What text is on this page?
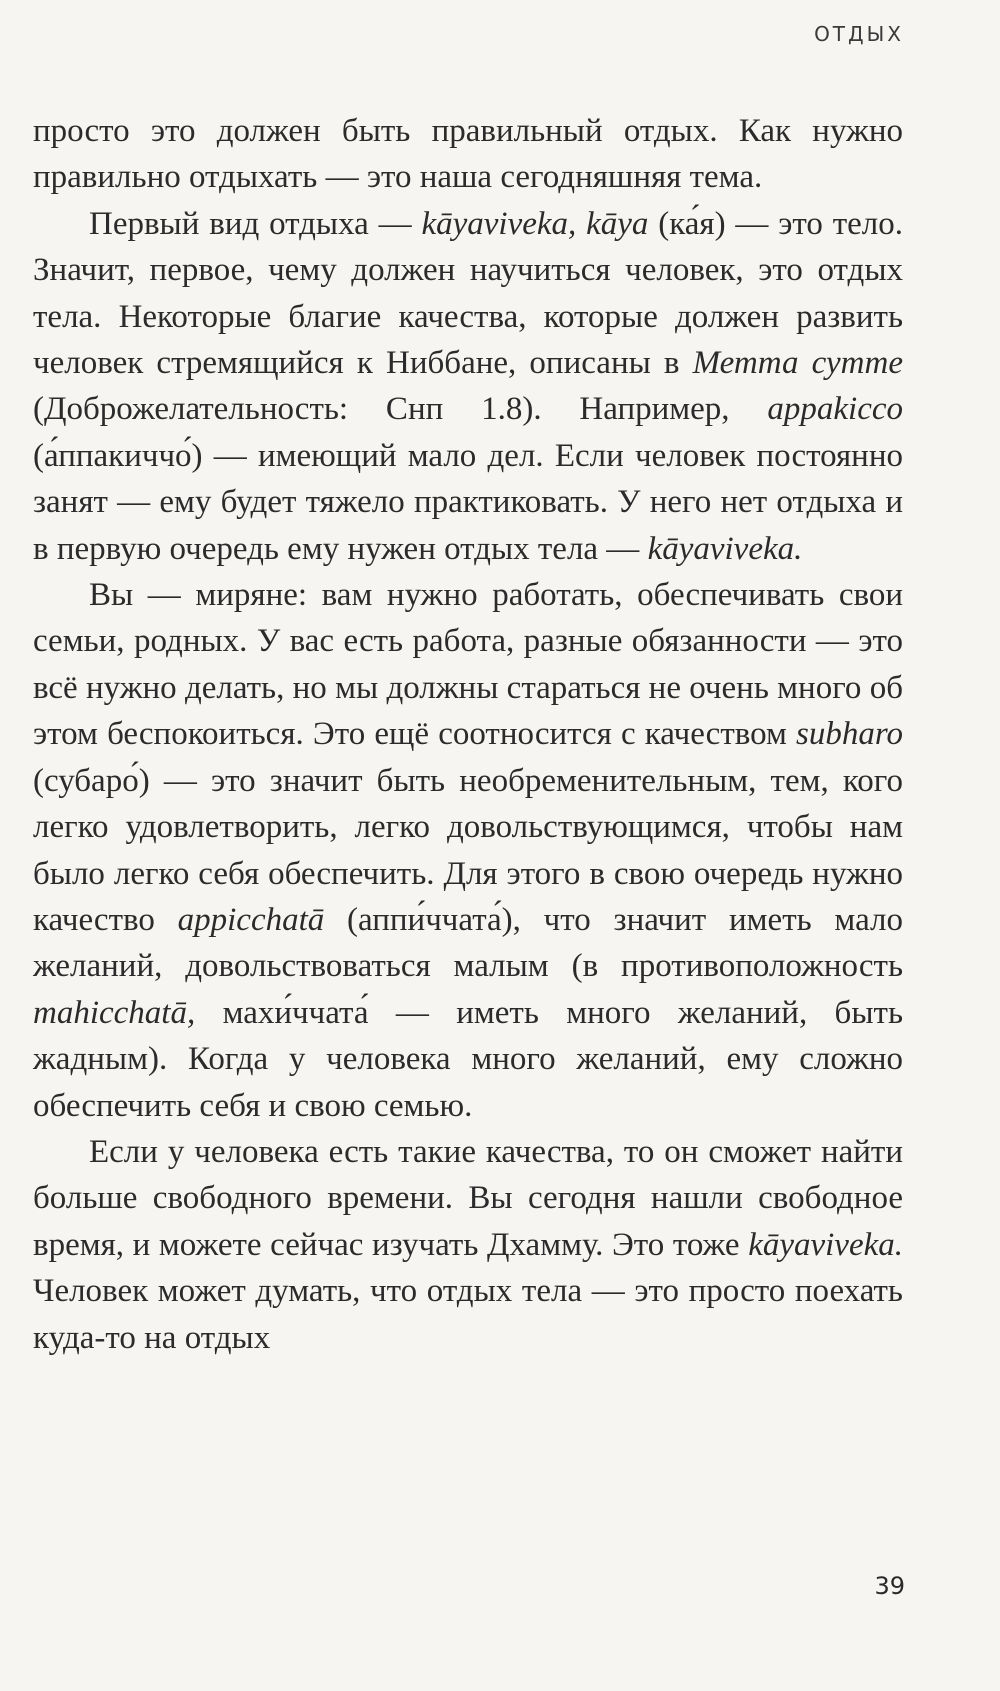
ОТДЫХ

просто это должен быть правильный отдых. Как нужно правильно отдыхать — это наша сегодняшняя тема.

Первый вид отдыха — kāyaviveka, kāya (ка́я) — это тело. Значит, первое, чему должен научиться человек, это отдых тела. Некоторые благие качества, которые должен развить человек стремящийся к Ниббане, описаны в Метта сутте (Доброжелательность: Снп 1.8). Например, appakicco (а́ппакиччо́) — имеющий мало дел. Если человек постоянно занят — ему будет тяжело практиковать. У него нет отдыха и в первую очередь ему нужен отдых тела — kāyaviveka.

Вы — миряне: вам нужно работать, обеспечивать свои семьи, родных. У вас есть работа, разные обязанности — это всё нужно делать, но мы должны стараться не очень много об этом беспокоиться. Это ещё соотносится с качеством subharo (субаро́) — это значит быть необременительным, тем, кого легко удовлетворить, легко довольствующимся, чтобы нам было легко себя обеспечить. Для этого в свою очередь нужно качество appicchatā (аппи́ччата́), что значит иметь мало желаний, довольствоваться малым (в противоположность mahicchatā, махи́ччата́ — иметь много желаний, быть жадным). Когда у человека много желаний, ему сложно обеспечить себя и свою семью.

Если у человека есть такие качества, то он сможет найти больше свободного времени. Вы сегодня нашли свободное время, и можете сейчас изучать Дхамму. Это тоже kāyaviveka. Человек может думать, что отдых тела — это просто поехать куда-то на отдых

39
